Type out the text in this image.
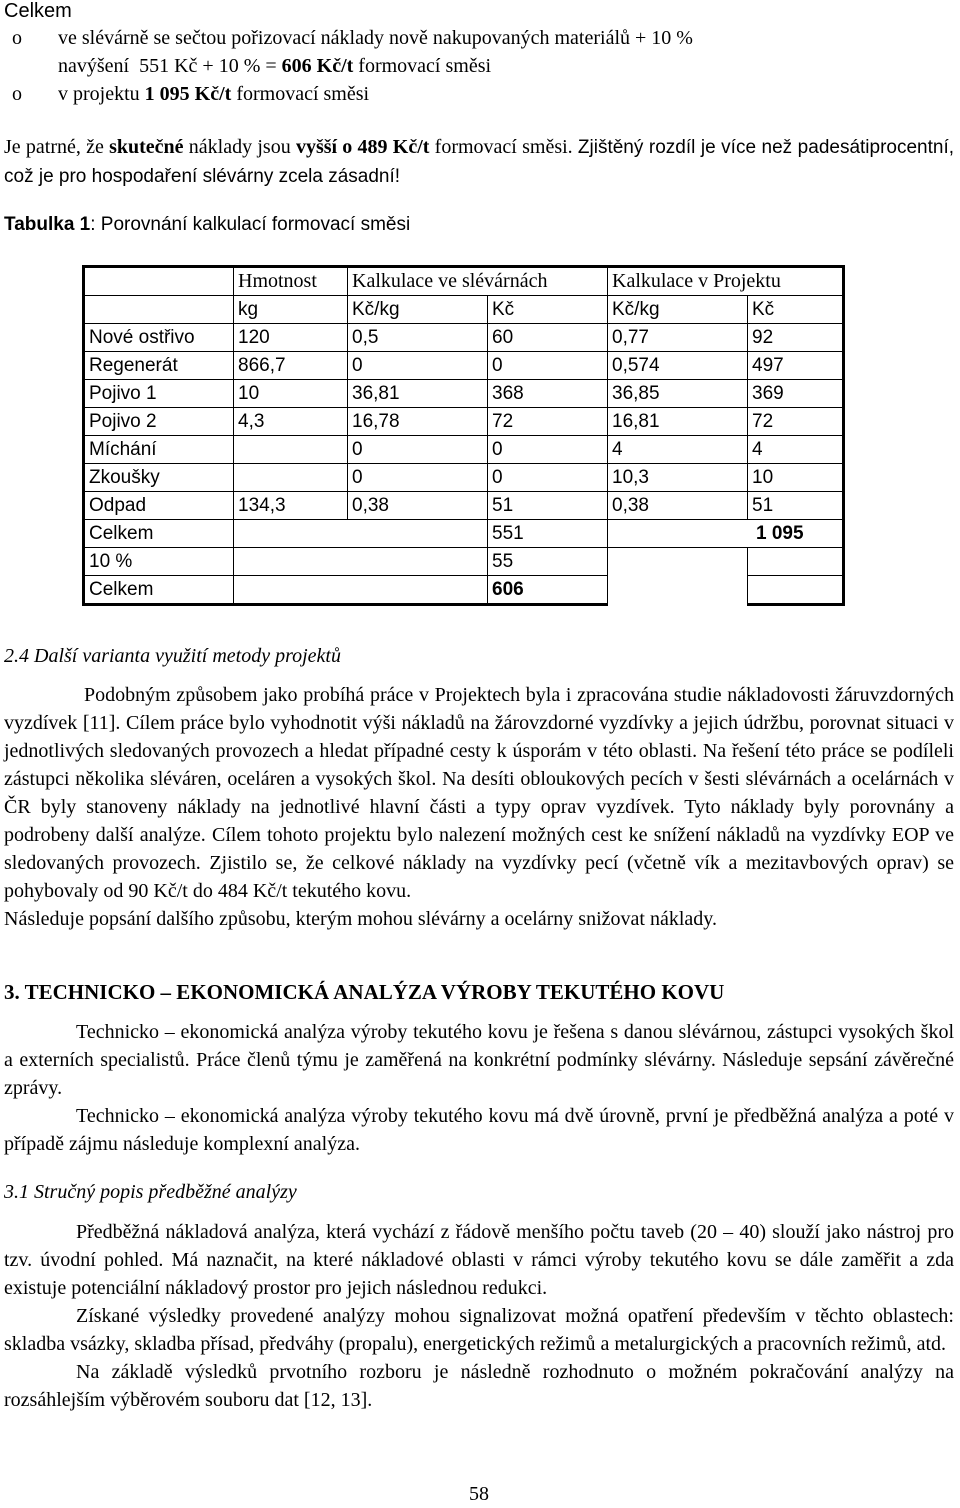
Celkem
o	ve slévárně se sečtou pořizovací náklady nově nakupovaných materiálů + 10 %
navýšení  551 Kč + 10 % = 606 Kč/t formovací směsi
o	v projektu 1 095 Kč/t formovací směsi
Je patrné, že skutečné náklady jsou vyšší o 489 Kč/t formovací směsi. Zjištěný rozdíl je více než padesátiprocentní, což je pro hospodaření slévárny zcela zásadní!
Tabulka 1: Porovnání kalkulací formovací směsi
	Hmotnost	Kalkulace ve slévárnách		Kalkulace v Projektu	
	kg	Kč/kg	Kč	Kč/kg	Kč
Nové ostřivo	120	0,5	60	0,77	92
Regenerát	866,7	0	0	0,574	497
Pojivo 1	10	36,81	368	36,85	369
Pojivo 2	4,3	16,78	72	16,81	72
Míchání		0	0	4	4
Zkoušky		0	0	10,3	10
Odpad	134,3	0,38	51	0,38	51
Celkem			551	1 095	
10 %			55		
Celkem			606		
2.4 Další varianta využití metody projektů
Podobným způsobem jako probíhá práce v Projektech byla i zpracována studie nákladovosti žáruvzdorných vyzdívek [11]. Cílem práce bylo vyhodnotit výši nákladů na žárovzdorné vyzdívky a jejich údržbu, porovnat situaci v jednotlivých sledovaných provozech a hledat případné cesty k úsporám v této oblasti. Na řešení této práce se podíleli zástupci několika sléváren, oceláren a vysokých škol. Na desíti obloukových pecích v šesti slévárnách a ocelárnách v ČR byly stanoveny náklady na jednotlivé hlavní části a typy oprav vyzdívek. Tyto náklady byly porovnány a podrobeny další analýze. Cílem tohoto projektu bylo nalezení možných cest ke snížení nákladů na vyzdívky EOP ve sledovaných provozech. Zjistilo se, že celkové náklady na vyzdívky pecí (včetně vík a mezitavbových oprav) se pohybovaly od 90 Kč/t do 484 Kč/t tekutého kovu.
Následuje popsání dalšího způsobu, kterým mohou slévárny a ocelárny snižovat náklady.
3. TECHNICKO – EKONOMICKÁ ANALÝZA VÝROBY TEKUTÉHO KOVU
Technicko – ekonomická analýza výroby tekutého kovu je řešena s danou slévárnou, zástupci vysokých škol a externích specialistů. Práce členů týmu je zaměřená na konkrétní podmínky slévárny. Následuje sepsání závěrečné zprávy.
Technicko – ekonomická analýza výroby tekutého kovu má dvě úrovně, první je předběžná analýza a poté v případě zájmu následuje komplexní analýza.
3.1 Stručný popis předběžné analýzy
Předběžná nákladová analýza, která vychází z řádově menšího počtu taveb (20 – 40) slouží jako nástroj pro tzv. úvodní pohled. Má naznačit, na které nákladové oblasti v rámci výroby tekutého kovu se dále zaměřit a zda existuje potenciální nákladový prostor pro jejich následnou redukci.
Získané výsledky provedené analýzy mohou signalizovat možná opatření především v těchto oblastech: skladba vsázky, skladba přísad, předváhy (propalu), energetických režimů a metalurgických a pracovních režimů, atd.
Na základě výsledků prvotního rozboru je následně rozhodnuto o možném pokračování analýzy na rozsáhlejším výběrovém souboru dat [12, 13].
58
